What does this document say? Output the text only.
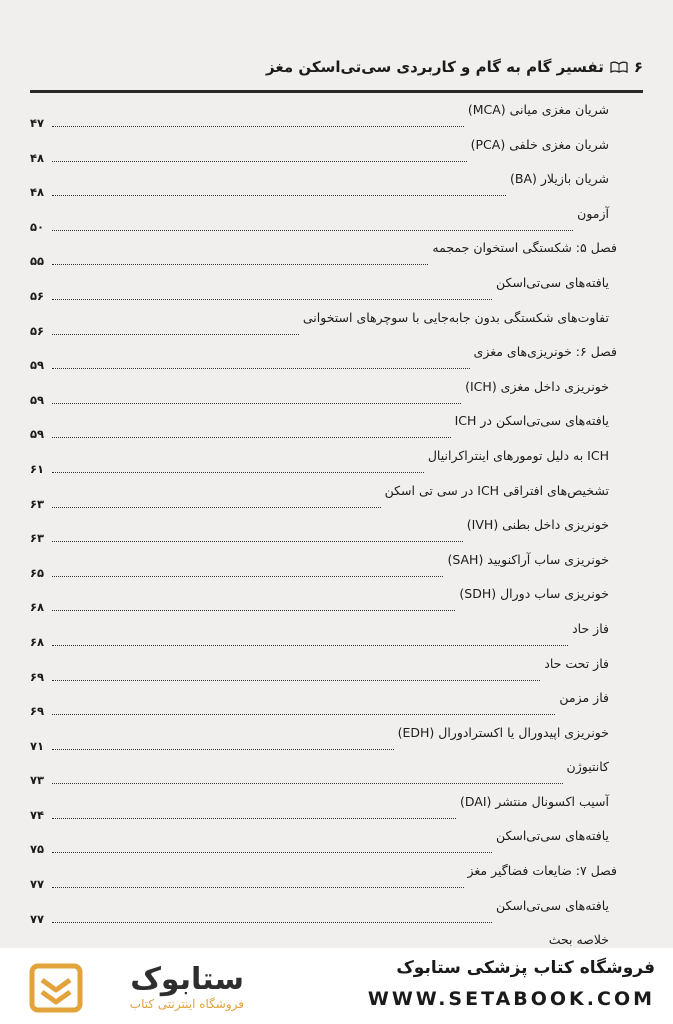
۶
تفسیر گام به گام و کاربردی سی‌تی‌اسکن مغز
شریان مغزی میانی (MCA)
۴۷
شریان مغزی خلفی (PCA)
۴۸
شریان بازیلار (BA)
۴۸
آزمون
۵۰
فصل ۵: شکستگی استخوان جمجمه
۵۵
یافته‌های سی‌تی‌اسکن
۵۶
تفاوت‌های شکستگی بدون جابه‌جایی با سوچرهای استخوانی
۵۶
فصل ۶: خونریزی‌های مغزی
۵۹
خونریزی داخل مغزی (ICH)
۵۹
یافته‌های سی‌تی‌اسکن در ICH
۵۹
ICH به دلیل تومورهای اینتراکرانیال
۶۱
تشخیص‌های افتراقی ICH در سی تی اسکن
۶۳
خونریزی داخل بطنی (IVH)
۶۳
خونریزی ساب آراکنویید (SAH)
۶۵
خونریزی ساب دورال (SDH)
۶۸
فاز حاد
۶۸
فاز تحت حاد
۶۹
فاز مزمن
۶۹
خونریزی اپیدورال یا اکسترادورال (EDH)
۷۱
کانتیوژن
۷۳
آسیب اکسونال منتشر (DAI)
۷۴
یافته‌های سی‌تی‌اسکن
۷۵
فصل ۷: ضایعات فضاگیر مغز
۷۷
یافته‌های سی‌تی‌اسکن
۷۷
خلاصه بحث
ستابوک
فروشگاه اینترنتی کتاب
فروشگاه کتاب پزشکی ستابوک
WWW.SETABOOK.COM
